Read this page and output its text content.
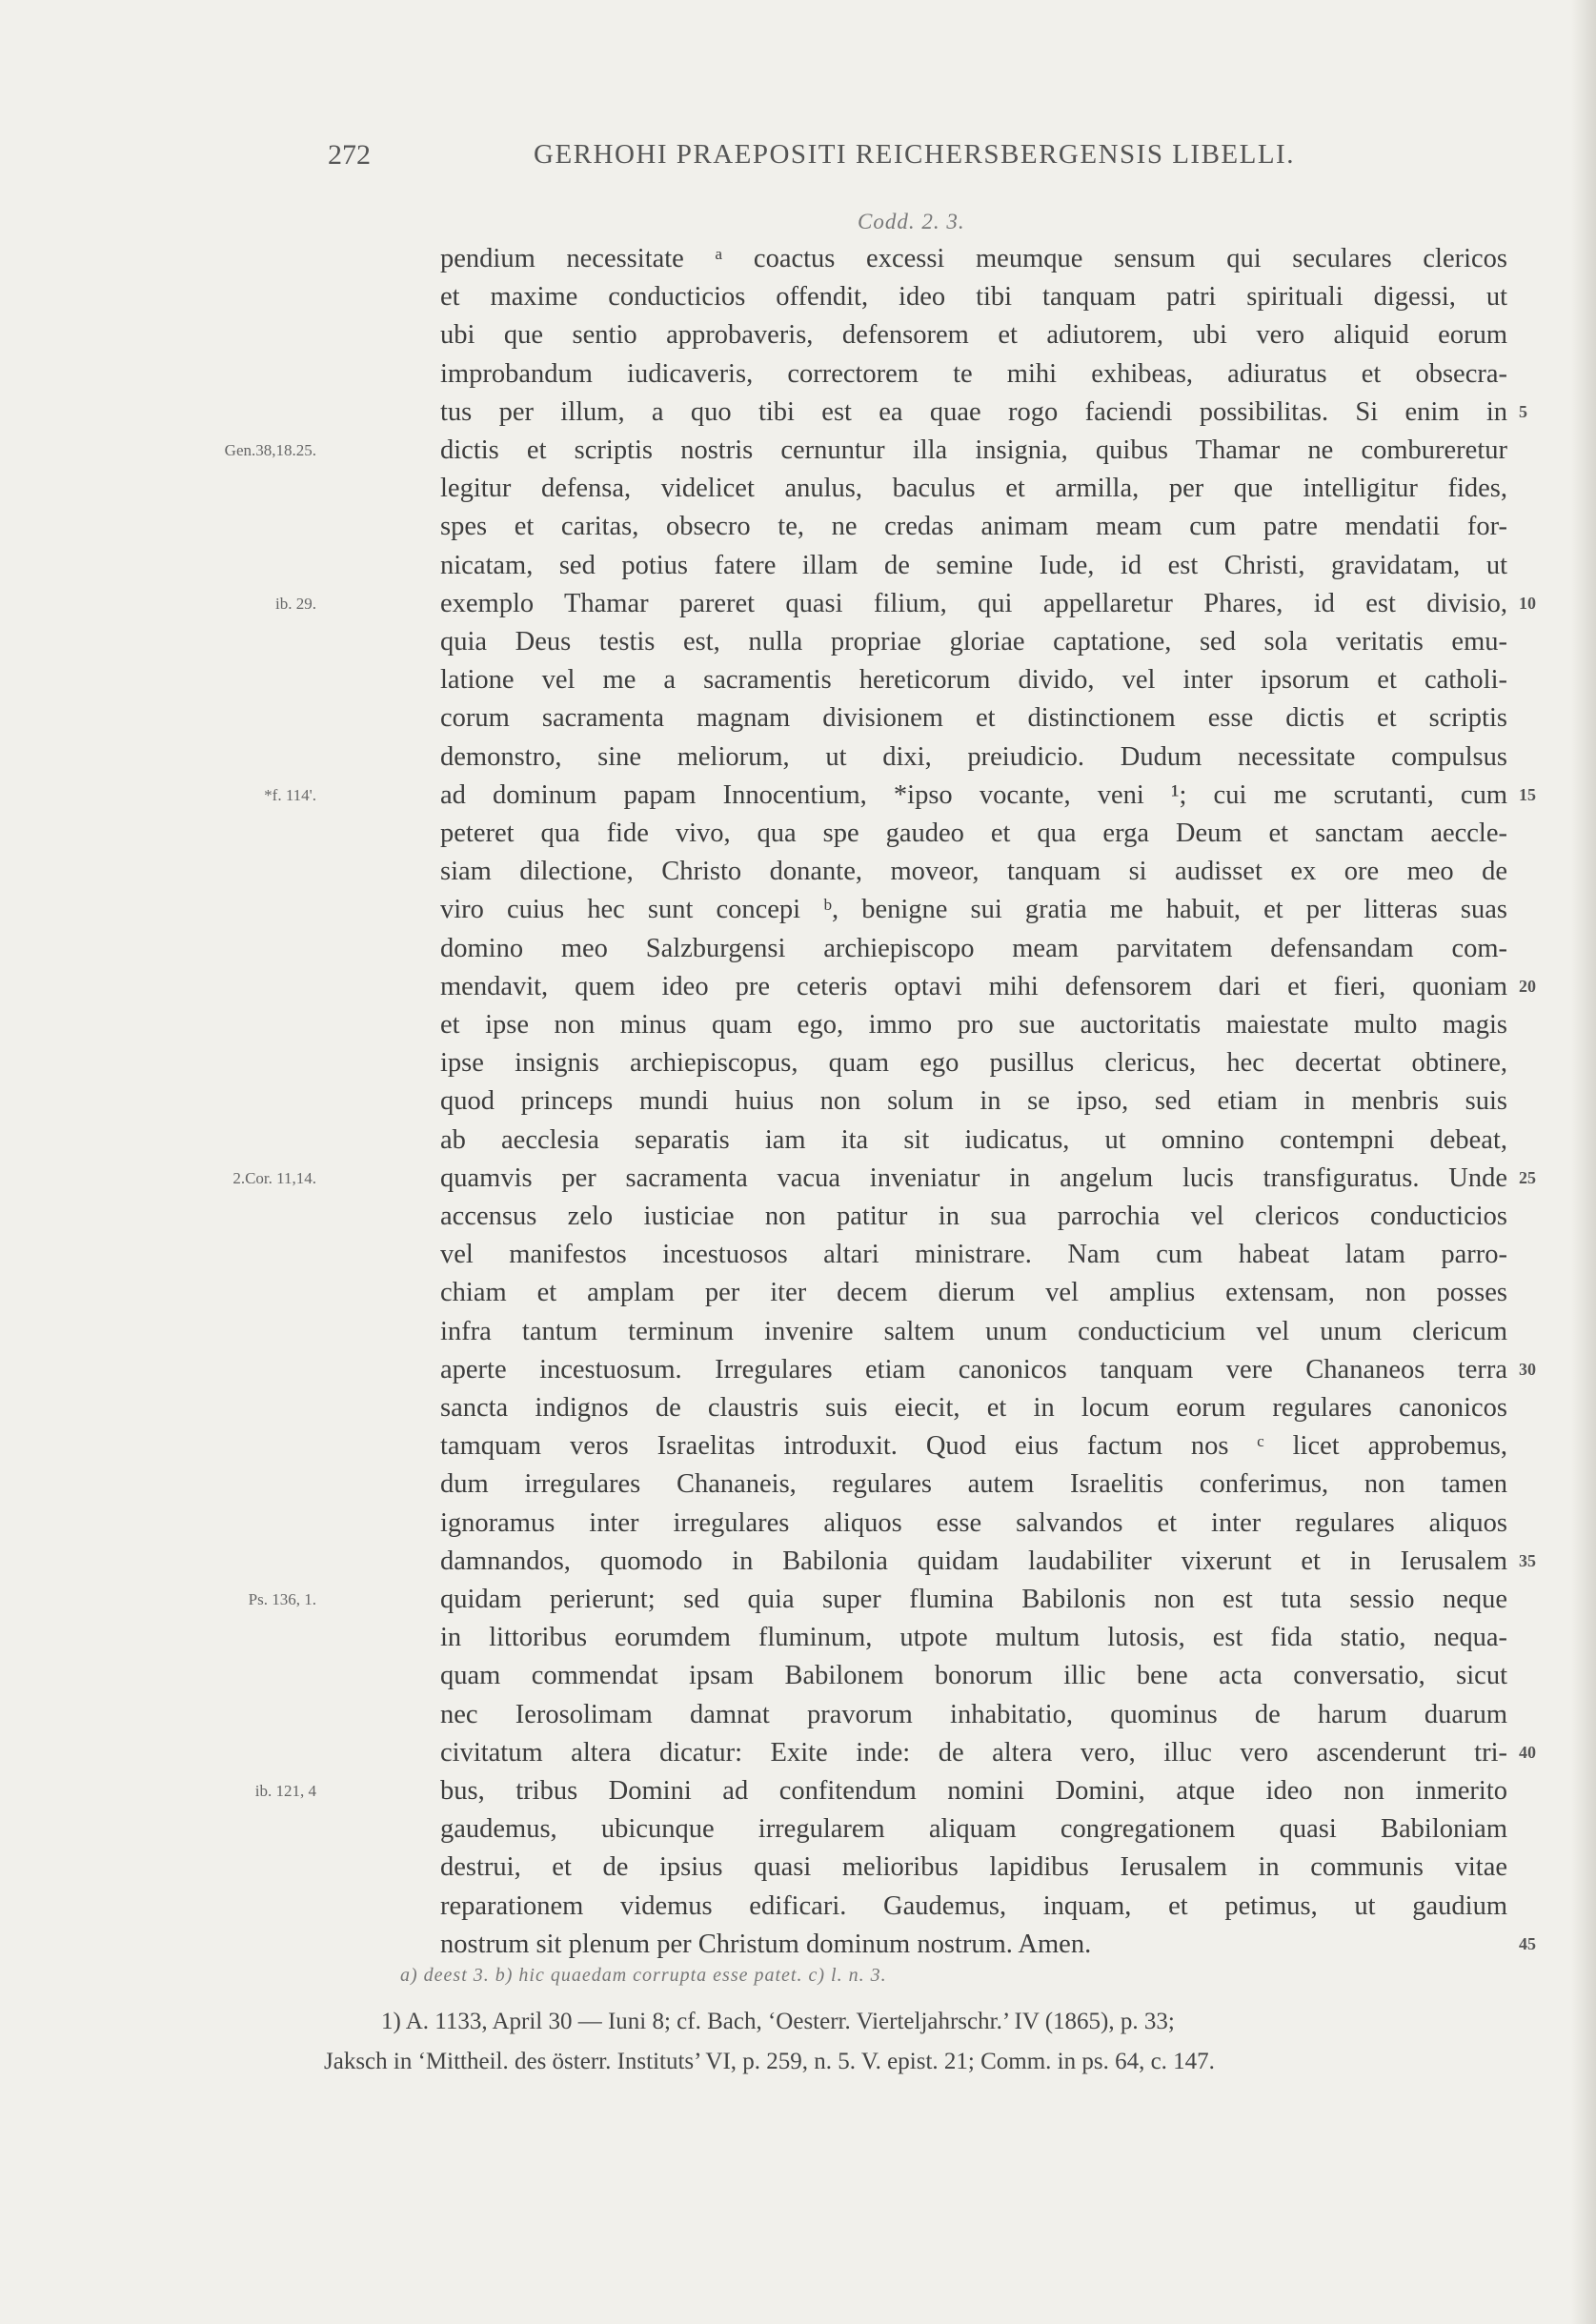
272	GERHOHI PRAEPOSITI REICHERSBERGENSIS LIBELLI.
Codd. 2. 3.
pendium necessitate ᵃ coactus excessi meumque sensum qui seculares clericos
et maxime conducticios offendit, ideo tibi tanquam patri spirituali digessi, ut
ubi que sentio approbaveris, defensorem et adiutorem, ubi vero aliquid eorum
improbandum iudicaveris, correctorem te mihi exhibeas, adiuratus et obsecra-
tus per illum, a quo tibi est ea quae rogo faciendi possibilitas. Si enim in
dictis et scriptis nostris cernuntur illa insignia, quibus Thamar ne combureretur
legitur defensa, videlicet anulus, baculus et armilla, per que intelligitur fides,
spes et caritas, obsecro te, ne credas animam meam cum patre mendatii for-
nicatam, sed potius fatere illam de semine Iude, id est Christi, gravidatam, ut
exemplo Thamar pareret quasi filium, qui appellaretur Phares, id est divisio,
quia Deus testis est, nulla propriae gloriae captatione, sed sola veritatis emu-
latione vel me a sacramentis hereticorum divido, vel inter ipsorum et catholi-
corum sacramenta magnam divisionem et distinctionem esse dictis et scriptis
demonstro, sine meliorum, ut dixi, preiudicio. Dudum necessitate compulsus
ad dominum papam Innocentium, *ipso vocante, veni ¹; cui me scrutanti, cum
peteret qua fide vivo, qua spe gaudeo et qua erga Deum et sanctam aeccle-
siam dilectione, Christo donante, moveor, tanquam si audisset ex ore meo de
viro cuius hec sunt concepi ᵇ, benigne sui gratia me habuit, et per litteras suas
domino meo Salzburgensi archiepiscopo meam parvitatem defensandam com-
mendavit, quem ideo pre ceteris optavi mihi defensorem dari et fieri, quoniam
et ipse non minus quam ego, immo pro sue auctoritatis maiestate multo magis
ipse insignis archiepiscopus, quam ego pusillus clericus, hec decertat obtinere,
quod princeps mundi huius non solum in se ipso, sed etiam in menbris suis
ab aecclesia separatis iam ita sit iudicatus, ut omnino contempni debeat,
quamvis per sacramenta vacua inveniatur in angelum lucis transfiguratus. Unde
accensus zelo iusticiae non patitur in sua parrochia vel clericos conducticios
vel manifestos incestuosos altari ministrare. Nam cum habeat latam parro-
chiam et amplam per iter decem dierum vel amplius extensam, non posses
infra tantum terminum invenire saltem unum conducticium vel unum clericum
aperte incestuosum. Irregulares etiam canonicos tanquam vere Chananeos terra
sancta indignos de claustris suis eiecit, et in locum eorum regulares canonicos
tamquam veros Israelitas introduxit. Quod eius factum nos ᶜ licet approbemus,
dum irregulares Chananeis, regulares autem Israelitis conferimus, non tamen
ignoramus inter irregulares aliquos esse salvandos et inter regulares aliquos
damnandos, quomodo in Babilonia quidam laudabiliter vixerunt et in Ierusalem
quidam perierunt; sed quia super flumina Babilonis non est tuta sessio neque
in littoribus eorumdem fluminum, utpote multum lutosis, est fida statio, nequa-
quam commendat ipsam Babilonem bonorum illic bene acta conversatio, sicut
nec Ierosolimam damnat pravorum inhabitatio, quominus de harum duarum
civitatum altera dicatur: Exite inde: de altera vero, illuc vero ascenderunt tri-
bus, tribus Domini ad confitendum nomini Domini, atque ideo non inmerito
gaudemus, ubicunque irregularem aliquam congregationem quasi Babiloniam
destrui, et de ipsius quasi melioribus lapidibus Ierusalem in communis vitae
reparationem videmus edificari. Gaudemus, inquam, et petimus, ut gaudium
nostrum sit plenum per Christum dominum nostrum. Amen.
Gen.38,18.25.
ib. 29.
*f. 114'.
2.Cor. 11,14.
Ps. 136, 1.
ib. 121, 4
5
10
15
20
25
30
35
40
45
a) deest 3. b) hic quaedam corrupta esse patet. c) l. n. 3.
1) A. 1133, April 30 — Iuni 8; cf. Bach, ‘Oesterr. Vierteljahrschr.’ IV (1865), p. 33;
Jaksch in ‘Mittheil. des österr. Instituts’ VI, p. 259, n. 5. V. epist. 21; Comm. in ps. 64, c. 147.
